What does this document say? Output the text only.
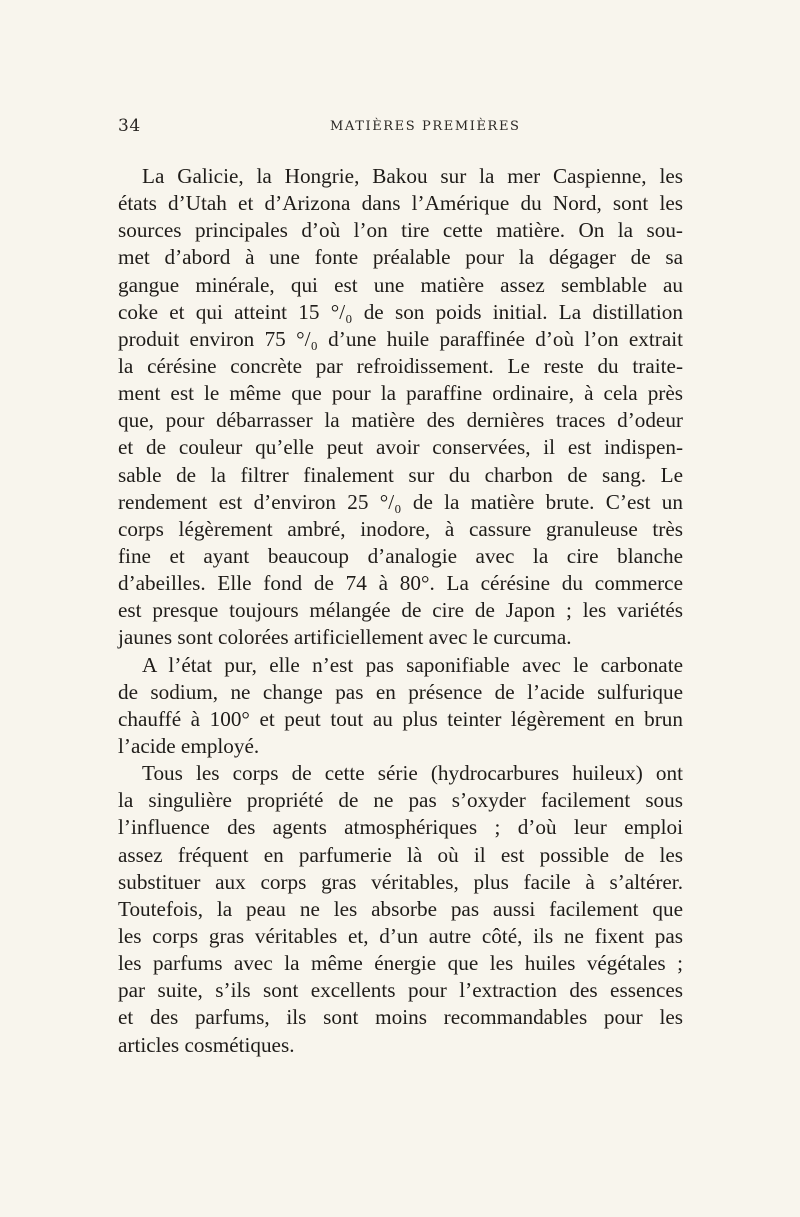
34	MATIÈRES PREMIÈRES
La Galicie, la Hongrie, Bakou sur la mer Caspienne, les
états d’Utah et d’Arizona dans l’Amérique du Nord, sont les
sources principales d’où l’on tire cette matière. On la sou-
met d’abord à une fonte préalable pour la dégager de sa
gangue minérale, qui est une matière assez semblable au
coke et qui atteint 15 °/₀ de son poids initial. La distillation
produit environ 75 °/₀ d’une huile paraffinée d’où l’on extrait
la cérésine concrète par refroidissement. Le reste du traite-
ment est le même que pour la paraffine ordinaire, à cela près
que, pour débarrasser la matière des dernières traces d’odeur
et de couleur qu’elle peut avoir conservées, il est indispen-
sable de la filtrer finalement sur du charbon de sang. Le
rendement est d’environ 25 °/₀ de la matière brute. C’est un
corps légèrement ambré, inodore, à cassure granuleuse très
fine et ayant beaucoup d’analogie avec la cire blanche
d’abeilles. Elle fond de 74 à 80°. La cérésine du commerce
est presque toujours mélangée de cire de Japon ; les variétés
jaunes sont colorées artificiellement avec le curcuma.
A l’état pur, elle n’est pas saponifiable avec le carbonate
de sodium, ne change pas en présence de l’acide sulfurique
chauffé à 100° et peut tout au plus teinter légèrement en brun
l’acide employé.
Tous les corps de cette série (hydrocarbures huileux) ont
la singulière propriété de ne pas s’oxyder facilement sous
l’influence des agents atmosphériques ; d’où leur emploi
assez fréquent en parfumerie là où il est possible de les
substituer aux corps gras véritables, plus facile à s’altérer.
Toutefois, la peau ne les absorbe pas aussi facilement que
les corps gras véritables et, d’un autre côté, ils ne fixent pas
les parfums avec la même énergie que les huiles végétales ;
par suite, s’ils sont excellents pour l’extraction des essences
et des parfums, ils sont moins recommandables pour les
articles cosmétiques.
